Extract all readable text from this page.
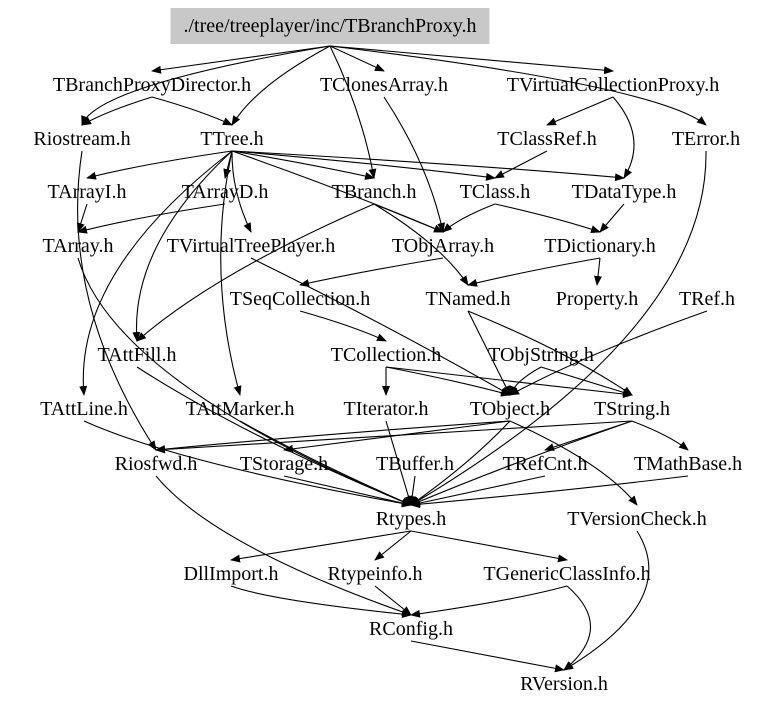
./tree/treeplayer/inc/TBranchProxy.h
TBranchProxyDirector.h	TClonesArray.h	TVirtualCollectionProxy.h
Riostream.h	TTree.h	TClassRef.h	TError.h
TArrayI.h	TArrayD.h	TBranch.h TClass.h TDataType.h
TArray.h	TVirtualTreePlayer.h	TObjArray.h	TDictionary.h
TSeqCollection.h	TNamed.h Property.h TRef.h
TAttFill.h	TCollection.h TObjString.h
TAttLine.h	TAttMarker.h TIterator.h TObject.h TString.h
Riosfwd.h TStorage.h TBuffer.h TRefCnt.h TMathBase.h
Rtypes.h	TVersionCheck.h
DllImport.h Rtypeinfo.h	TGenericClassInfo.h
RConfig.h
RVersion.h
